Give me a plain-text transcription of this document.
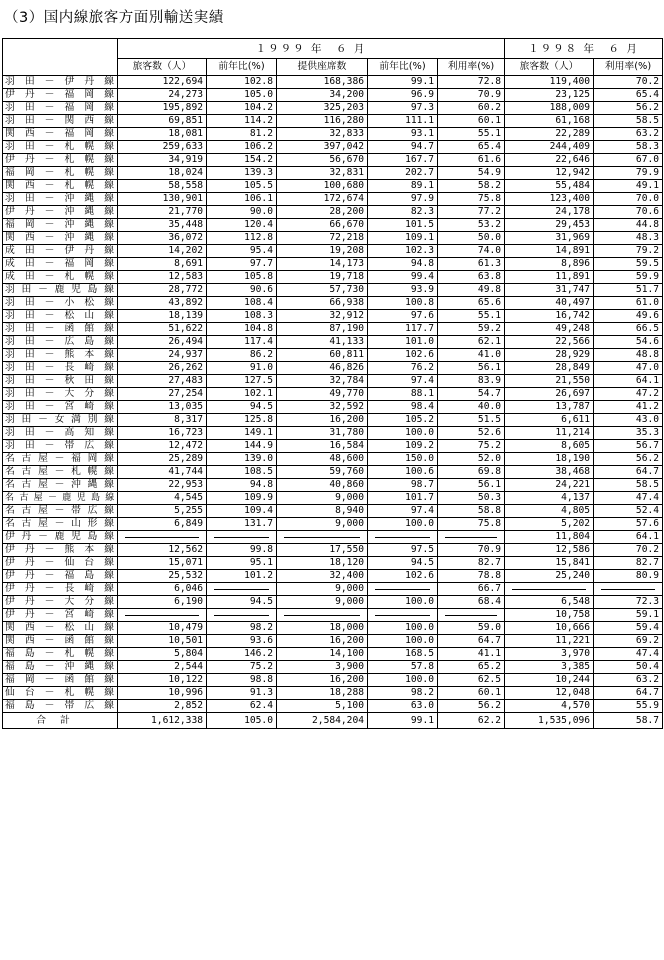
（3）国内線旅客方面別輸送実績
	１９９９ 年　６ 月					１９９８ 年　６ 月	
	旅客数（人）	前年比(%)	提供座席数	前年比(%)	利用率(%)	旅客数（人）	利用率(%)
羽田－伊丹線	122,694	102.8	168,386	99.1	72.8	119,400	70.2
伊丹－福岡線	24,273	105.0	34,200	96.9	70.9	23,125	65.4
羽田－福岡線	195,892	104.2	325,203	97.3	60.2	188,009	56.2
羽田－関西線	69,851	114.2	116,280	111.1	60.1	61,168	58.5
関西－福岡線	18,081	81.2	32,833	93.1	55.1	22,289	63.2
羽田－札幌線	259,633	106.2	397,042	94.7	65.4	244,409	58.3
伊丹－札幌線	34,919	154.2	56,670	167.7	61.6	22,646	67.0
福岡－札幌線	18,024	139.3	32,831	202.7	54.9	12,942	79.9
関西－札幌線	58,558	105.5	100,680	89.1	58.2	55,484	49.1
羽田－沖縄線	130,901	106.1	172,674	97.9	75.8	123,400	70.0
伊丹－沖縄線	21,770	90.0	28,200	82.3	77.2	24,178	70.6
福岡－沖縄線	35,448	120.4	66,670	101.5	53.2	29,453	44.8
関西－沖縄線	36,072	112.8	72,218	109.1	50.0	31,969	48.3
成田－伊丹線	14,202	95.4	19,208	102.3	74.0	14,891	79.2
成田－福岡線	8,691	97.7	14,173	94.8	61.3	8,896	59.5
成田－札幌線	12,583	105.8	19,718	99.4	63.8	11,891	59.9
羽田－鹿児島線	28,772	90.6	57,730	93.9	49.8	31,747	51.7
羽田－小松線	43,892	108.4	66,938	100.8	65.6	40,497	61.0
羽田－松山線	18,139	108.3	32,912	97.6	55.1	16,742	49.6
羽田－函館線	51,622	104.8	87,190	117.7	59.2	49,248	66.5
羽田－広島線	26,494	117.4	41,133	101.0	62.1	22,566	54.6
羽田－熊本線	24,937	86.2	60,811	102.6	41.0	28,929	48.8
羽田－長崎線	26,262	91.0	46,826	76.2	56.1	28,849	47.0
羽田－秋田線	27,483	127.5	32,784	97.4	83.9	21,550	64.1
羽田－大分線	27,254	102.1	49,770	88.1	54.7	26,697	47.2
羽田－宮崎線	13,035	94.5	32,592	98.4	40.0	13,787	41.2
羽田－女満別線	8,317	125.8	16,200	105.2	51.5	6,611	43.0
羽田－高知線	16,723	149.1	31,780	100.0	52.6	11,214	35.3
羽田－帯広線	12,472	144.9	16,584	109.2	75.2	8,605	56.7
名古屋－福岡線	25,289	139.0	48,600	150.0	52.0	18,190	56.2
名古屋－札幌線	41,744	108.5	59,760	100.6	69.8	38,468	64.7
名古屋－沖縄線	22,953	94.8	40,860	98.7	56.1	24,221	58.5
名古屋－鹿児島線	4,545	109.9	9,000	101.7	50.3	4,137	47.4
名古屋－帯広線	5,255	109.4	8,940	97.4	58.8	4,805	52.4
名古屋－山形線	6,849	131.7	9,000	100.0	75.8	5,202	57.6
伊丹－鹿児島線						11,804	64.1
伊丹－熊本線	12,562	99.8	17,550	97.5	70.9	12,586	70.2
伊丹－仙台線	15,071	95.1	18,120	94.5	82.7	15,841	82.7
伊丹－福島線	25,532	101.2	32,400	102.6	78.8	25,240	80.9
伊丹－長崎線	6,046		9,000		66.7	

伊丹－大分線	6,190	94.5	9,000	100.0	68.4	6,548	72.3
伊丹－宮崎線						10,758	59.1
関西－松山線	10,479	98.2	18,000	100.0	59.0	10,666	59.4
関西－函館線	10,501	93.6	16,200	100.0	64.7	11,221	69.2
福島－札幌線	5,804	146.2	14,100	168.5	41.1	3,970	47.4
福島－沖縄線	2,544	75.2	3,900	57.8	65.2	3,385	50.4
福岡－函館線	10,122	98.8	16,200	100.0	62.5	10,244	63.2
仙台－札幌線	10,996	91.3	18,288	98.2	60.1	12,048	64.7
福島－帯広線	2,852	62.4	5,100	63.0	56.2	4,570	55.9
合計	1,612,338	105.0	2,584,204	99.1	62.2	1,535,096	58.7
